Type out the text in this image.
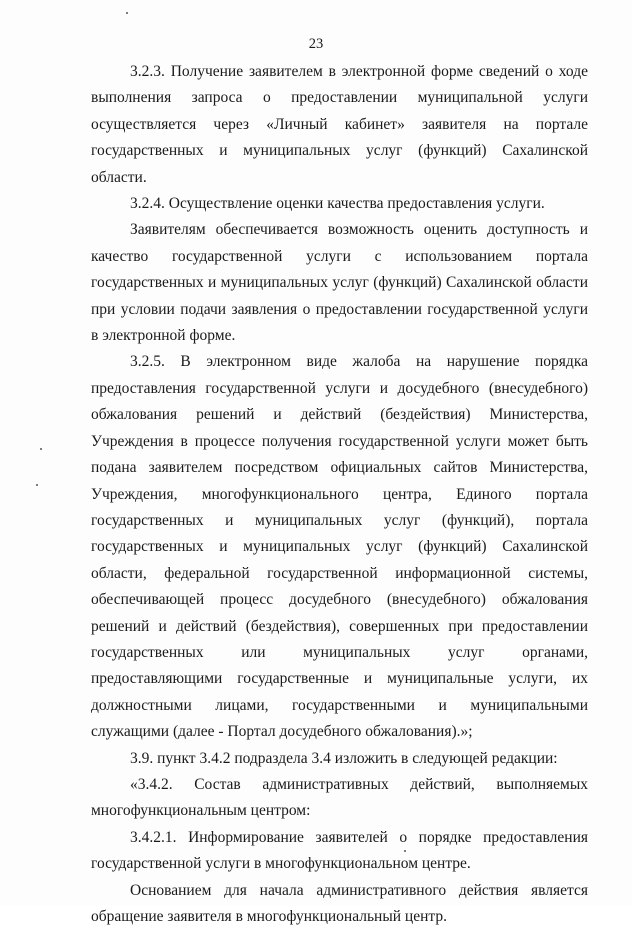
23

3.2.3. Получение заявителем в электронной форме сведений о ходе выполнения запроса о предоставлении муниципальной услуги осуществляется через «Личный кабинет» заявителя на портале государственных и муниципальных услуг (функций) Сахалинской области.

3.2.4. Осуществление оценки качества предоставления услуги.

Заявителям обеспечивается возможность оценить доступность и качество государственной услуги с использованием портала государственных и муниципальных услуг (функций) Сахалинской области при условии подачи заявления о предоставлении государственной услуги в электронной форме.

3.2.5. В электронном виде жалоба на нарушение порядка предоставления государственной услуги и досудебного (внесудебного) обжалования решений и действий (бездействия) Министерства, Учреждения в процессе получения государственной услуги может быть подана заявителем посредством официальных сайтов Министерства, Учреждения, многофункционального центра, Единого портала государственных и муниципальных услуг (функций), портала государственных и муниципальных услуг (функций) Сахалинской области, федеральной государственной информационной системы, обеспечивающей процесс досудебного (внесудебного) обжалования решений и действий (бездействия), совершенных при предоставлении государственных или муниципальных услуг органами, предоставляющими государственные и муниципальные услуги, их должностными лицами, государственными и муниципальными служащими (далее - Портал досудебного обжалования).»;

3.9. пункт 3.4.2 подраздела 3.4 изложить в следующей редакции:

«3.4.2. Состав административных действий, выполняемых многофункциональным центром:

3.4.2.1. Информирование заявителей о порядке предоставления государственной услуги в многофункциональном центре.

Основанием для начала административного действия является обращение заявителя в многофункциональный центр.
